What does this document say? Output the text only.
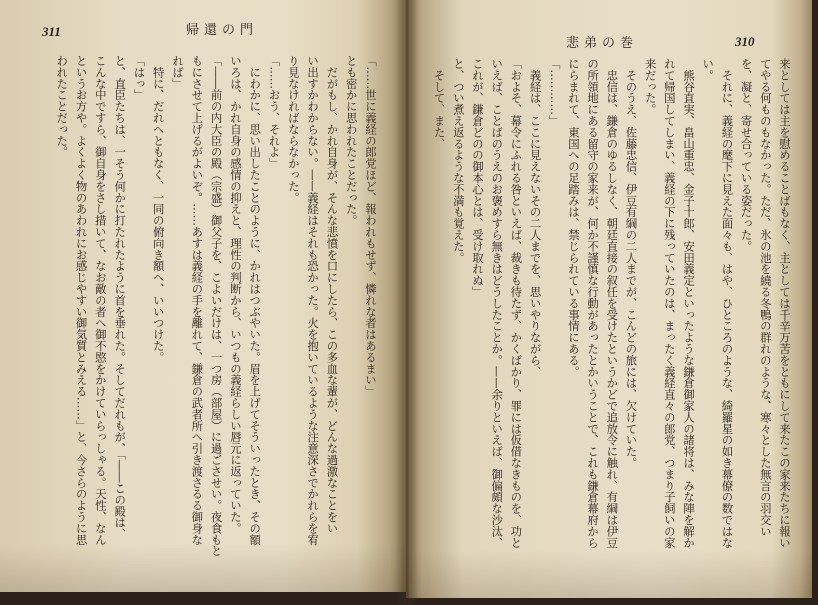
311	帰還の門
「……世に義経の郎党ほど、報われもせず、憐れな者はあるまい」
とも密かに思われたことだった。
　だがもし、かれ自身が、そんな悲憤を口にしたら、この多血な輩が、どんな過激なことをい
い出すかわからない。——義経はそれも恐かった。火を抱いているような注意深さでかれらを宥
り見なければならなかった。
「……おう、それよ」
　にわかに、思い出したことのように、かれはつぶやいた。眉を上げてそういったとき、その額
いろは、かれ自身の感情の抑えと、理性の判断から、いつもの義経らしい唇元に返っていた。
「――前の内大臣の殿（宗盛）御父子を、こよいだけは、一つ房（部屋）に過ごさせい。夜食もと
もにさせて上げるがよいぞ。……あすは義経の手を離れて、鎌倉の武者所へ引き渡さるる御身な
れば」
　特に、だれへともなく、一同の俯向き額へ、いいつけた。
「はっ」
と、直臣たちは、一そう何かに打たれたように首を垂れた。そしてだれもが、「――この殿は、
こんな中ですら、御自身をさし措いて、なお敵の者へ御不愍をかけていらっしゃる。天性、なん
というお方や。よくよく物のあわれにお感じやすい御気質とみえる……」と、今さらのように思
われたことだった。
悲弟の巻	310
来としては主を慰めることばもなく、主としては千辛万苦をともにして来たこの家来たちに報い
てやる何ものもなかった。ただ、氷の池を繞る冬鴨の群れのような、寒々とした無言の羽交い
を、凝と、寄せ合っている姿だった。
　それに、義経の麾下に見えた面々も、はや、ひところのような、綺羅星の如き幕僚の数ではな
い。
　熊谷直実、畠山重忠、金子十郎、安田義定といったような鎌倉御家人の諸将は、みな陣を解か
れて帰国してしまい、義経の下に残っていたのは、まったく義経直々の郎党、つまり子飼いの家
来だった。
　そのうえ、佐藤忠信、伊豆有綱の二人までが、こんどの旅には、欠けていた。
　忠信は、鎌倉のゆるしなく、朝廷直接の叙任を受けたというかどで追放令に触れ、有綱は伊豆
の所領地にある留守の家来が、何か不謹慎な行動があったとかいうことで、これも鎌倉幕府から
にらまれて、東国への足踏みは、禁じられている事情にある。
「…………」
　義経は、ここに見えないその二人までを、思いやりながら、
「およそ、幕令にふれる咎といえば、裁きも待たず、かくばかり、罪には仮借なきものを、功と
いえば、ことばのうえのお褒めすら無きはどうしたことか。——余りといえば、御偏頗な沙汰、
これが、鎌倉どのの御本心とは、受け取れぬ」
と、つい煮え返るような不満も覚えた。
　そして、また、
